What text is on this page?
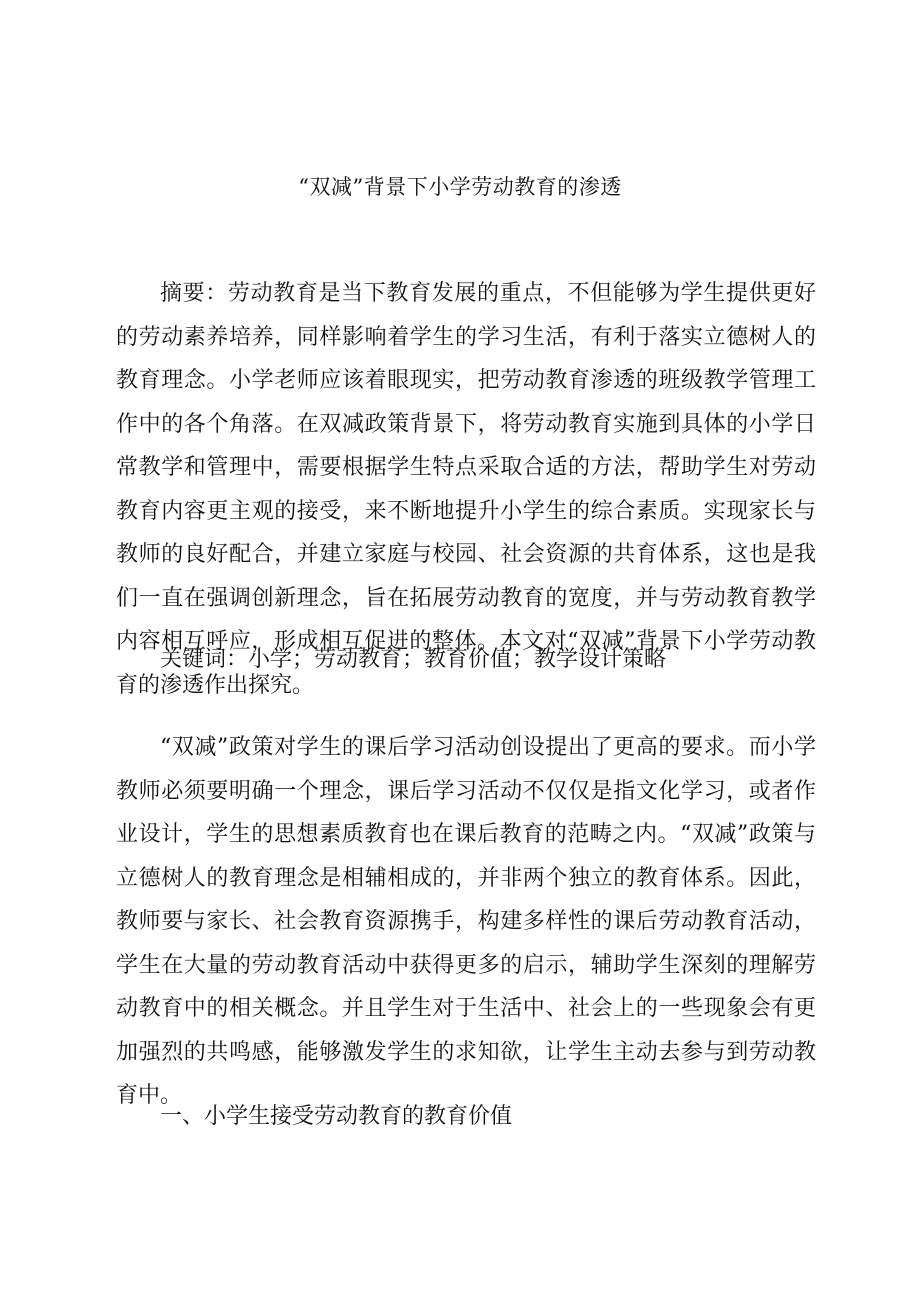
“双减”背景下小学劳动教育的渗透

摘要：劳动教育是当下教育发展的重点，不但能够为学生提供更好的劳动素养培养，同样影响着学生的学习生活，有利于落实立德树人的教育理念。小学老师应该着眼现实，把劳动教育渗透的班级教学管理工作中的各个角落。在双减政策背景下，将劳动教育实施到具体的小学日常教学和管理中，需要根据学生特点采取合适的方法，帮助学生对劳动教育内容更主观的接受，来不断地提升小学生的综合素质。实现家长与教师的良好配合，并建立家庭与校园、社会资源的共育体系，这也是我们一直在强调创新理念，旨在拓展劳动教育的宽度，并与劳动教育教学内容相互呼应，形成相互促进的整体。本文对“双减”背景下小学劳动教育的渗透作出探究。

关键词：小学；劳动教育；教育价值；教学设计策略

“双减”政策对学生的课后学习活动创设提出了更高的要求。而小学教师必须要明确一个理念，课后学习活动不仅仅是指文化学习，或者作业设计，学生的思想素质教育也在课后教育的范畴之内。“双减”政策与立德树人的教育理念是相辅相成的，并非两个独立的教育体系。因此，教师要与家长、社会教育资源携手，构建多样性的课后劳动教育活动，学生在大量的劳动教育活动中获得更多的启示，辅助学生深刻的理解劳动教育中的相关概念。并且学生对于生活中、社会上的一些现象会有更加强烈的共鸣感，能够激发学生的求知欲，让学生主动去参与到劳动教育中。

一、小学生接受劳动教育的教育价值
